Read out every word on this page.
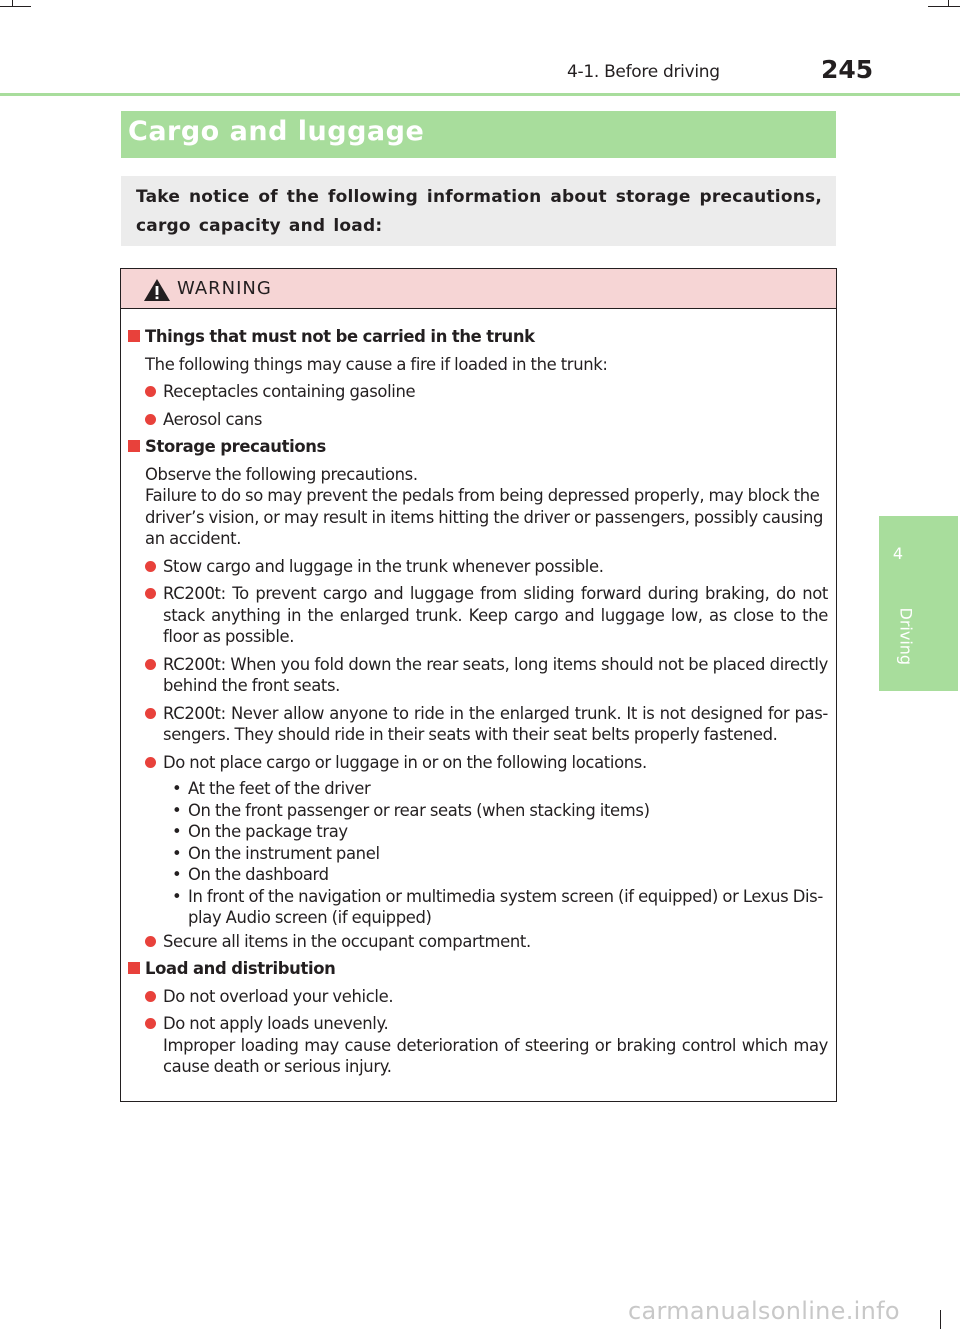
4-1. Before driving	245
Cargo and luggage
Take notice of the following information about storage precautions, cargo capacity and load:
WARNING
Things that must not be carried in the trunk
The following things may cause a fire if loaded in the trunk:
Receptacles containing gasoline
Aerosol cans
Storage precautions
Observe the following precautions.
Failure to do so may prevent the pedals from being depressed properly, may block the driver’s vision, or may result in items hitting the driver or passengers, possibly causing an accident.
Stow cargo and luggage in the trunk whenever possible.
RC200t: To prevent cargo and luggage from sliding forward during braking, do not stack anything in the enlarged trunk. Keep cargo and luggage low, as close to the floor as possible.
RC200t: When you fold down the rear seats, long items should not be placed directly behind the front seats.
RC200t: Never allow anyone to ride in the enlarged trunk. It is not designed for pas-sengers. They should ride in their seats with their seat belts properly fastened.
Do not place cargo or luggage in or on the following locations.
• At the feet of the driver
• On the front passenger or rear seats (when stacking items)
• On the package tray
• On the instrument panel
• On the dashboard
• In front of the navigation or multimedia system screen (if equipped) or Lexus Dis-play Audio screen (if equipped)
Secure all items in the occupant compartment.
Load and distribution
Do not overload your vehicle.
Do not apply loads unevenly.
Improper loading may cause deterioration of steering or braking control which may cause death or serious injury.
4
Driving
carmanualsonline.info
